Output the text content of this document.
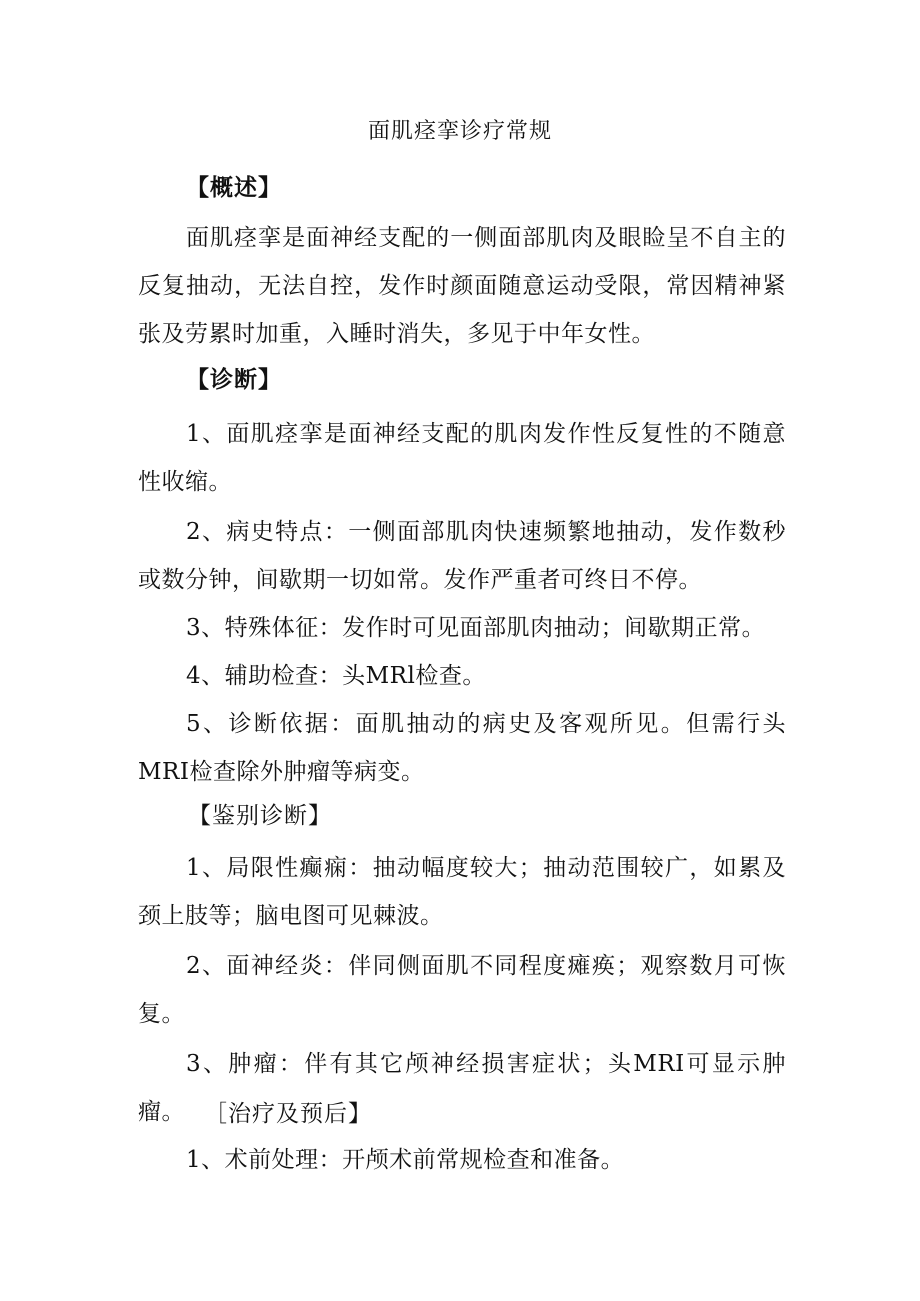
面肌痉挛诊疗常规
【概述】
面肌痉挛是面神经支配的一侧面部肌肉及眼睑呈不自主的反复抽动，无法自控，发作时颜面随意运动受限，常因精神紧张及劳累时加重，入睡时消失，多见于中年女性。
【诊断】
1、面肌痉挛是面神经支配的肌肉发作性反复性的不随意性收缩。
2、病史特点：一侧面部肌肉快速频繁地抽动，发作数秒或数分钟，间歇期一切如常。发作严重者可终日不停。
3、特殊体征：发作时可见面部肌肉抽动；间歇期正常。
4、辅助检查：头MRl检查。
5、诊断依据：面肌抽动的病史及客观所见。但需行头MRI检查除外肿瘤等病变。
【鉴别诊断】
1、局限性癫痫：抽动幅度较大；抽动范围较广，如累及颈上肢等；脑电图可见棘波。
2、面神经炎：伴同侧面肌不同程度瘫痪；观察数月可恢复。
3、肿瘤：伴有其它颅神经损害症状；头MRI可显示肿瘤。 ［治疗及预后】
1、术前处理：开颅术前常规检查和准备。
